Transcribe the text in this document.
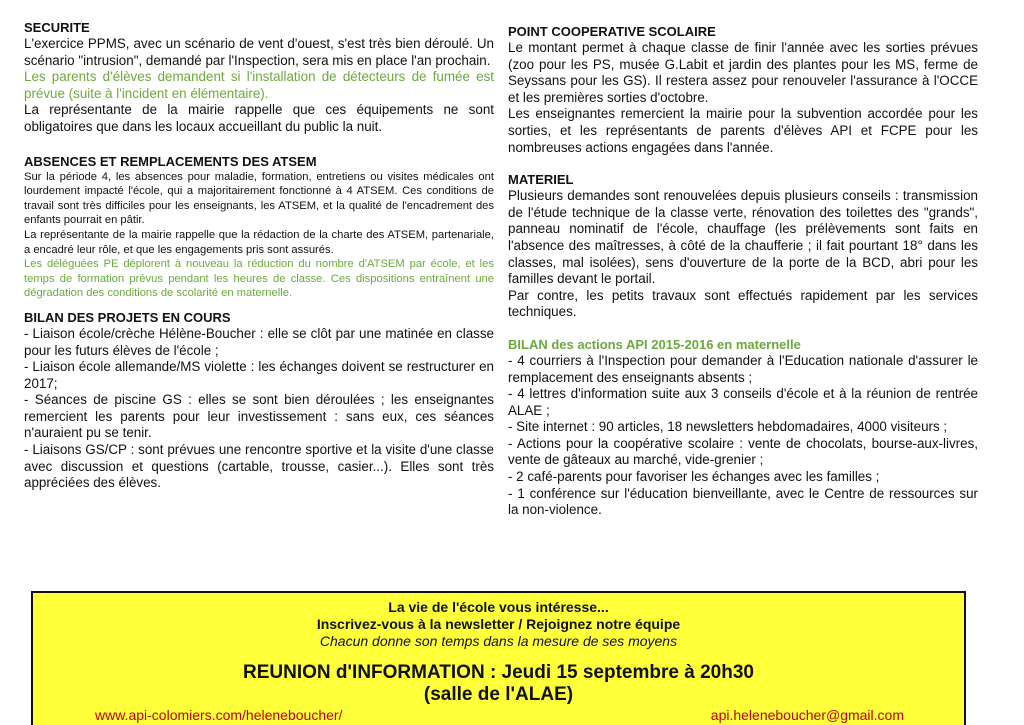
SECURITE

L'exercice PPMS, avec un scénario de vent d'ouest, s'est très bien déroulé. Un scénario "intrusion", demandé par l'Inspection, sera mis en place l'an prochain.

Les parents d'élèves demandent si l'installation de détecteurs de fumée est prévue (suite à l'incident en élémentaire).

La représentante de la mairie rappelle que ces équipements ne sont obligatoires que dans les locaux accueillant du public la nuit.

ABSENCES ET REMPLACEMENTS DES ATSEM

Sur la période 4, les absences pour maladie, formation, entretiens ou visites médicales ont lourdement impacté l'école, qui a majoritairement fonctionné à 4 ATSEM. Ces conditions de travail sont très difficiles pour les enseignants, les ATSEM, et la qualité de l'encadrement des enfants pourrait en pâtir.

La représentante de la mairie rappelle que la rédaction de la charte des ATSEM, partenariale, a encadré leur rôle, et que les engagements pris sont assurés.

Les déléguées PE déplorent à nouveau la réduction du nombre d'ATSEM par école, et les temps de formation prévus pendant les heures de classe. Ces dispositions entraînent une dégradation des conditions de scolarité en maternelle.

BILAN DES PROJETS EN COURS

- Liaison école/crèche Hélène-Boucher : elle se clôt par une matinée en classe pour les futurs élèves de l'école ;

- Liaison école allemande/MS violette : les échanges doivent se restructurer en 2017;

- Séances de piscine GS : elles se sont bien déroulées ; les enseignantes remercient les parents pour leur investissement : sans eux, ces séances n'auraient pu se tenir.

- Liaisons GS/CP : sont prévues une rencontre sportive et la visite d'une classe avec discussion et questions (cartable, trousse, casier...). Elles sont très appréciées des élèves.

POINT COOPERATIVE SCOLAIRE

Le montant permet à chaque classe de finir l'année avec les sorties prévues (zoo pour les PS, musée G.Labit et jardin des plantes pour les MS, ferme de Seyssans pour les GS). Il restera assez pour renouveler l'assurance à l'OCCE et les premières sorties d'octobre.

Les enseignantes remercient la mairie pour la subvention accordée pour les sorties, et les représentants de parents d'élèves API et FCPE pour les nombreuses actions engagées dans l'année.

MATERIEL

Plusieurs demandes sont renouvelées depuis plusieurs conseils : transmission de l'étude technique de la classe verte, rénovation des toilettes des "grands", panneau nominatif de l'école, chauffage (les prélèvements sont faits en l'absence des maîtresses, à côté de la chaufferie ; il fait pourtant 18° dans les classes, mal isolées), sens d'ouverture de la porte de la BCD, abri pour les familles devant le portail.

Par contre, les petits travaux sont effectués rapidement par les services techniques.

BILAN des actions API 2015-2016 en maternelle

- 4 courriers à l'Inspection pour demander à l'Education nationale d'assurer le remplacement des enseignants absents ;

- 4 lettres d'information suite aux 3 conseils d'école et à la réunion de rentrée ALAE ;

- Site internet : 90 articles, 18 newsletters hebdomadaires, 4000 visiteurs ;

- Actions pour la coopérative scolaire : vente de chocolats, bourse-aux-livres, vente de gâteaux au marché, vide-grenier ;

- 2 café-parents pour favoriser les échanges avec les familles ;

- 1 conférence sur l'éducation bienveillante, avec le Centre de ressources sur la non-violence.

La vie de l'école vous intéresse...
Inscrivez-vous à la newsletter / Rejoignez notre équipe
Chacun donne son temps dans la mesure de ses moyens
REUNION d'INFORMATION : Jeudi 15 septembre à 20h30
(salle de l'ALAE)
www.api-colomiers.com/heleneboucher/	api.heleneboucher@gmail.com
